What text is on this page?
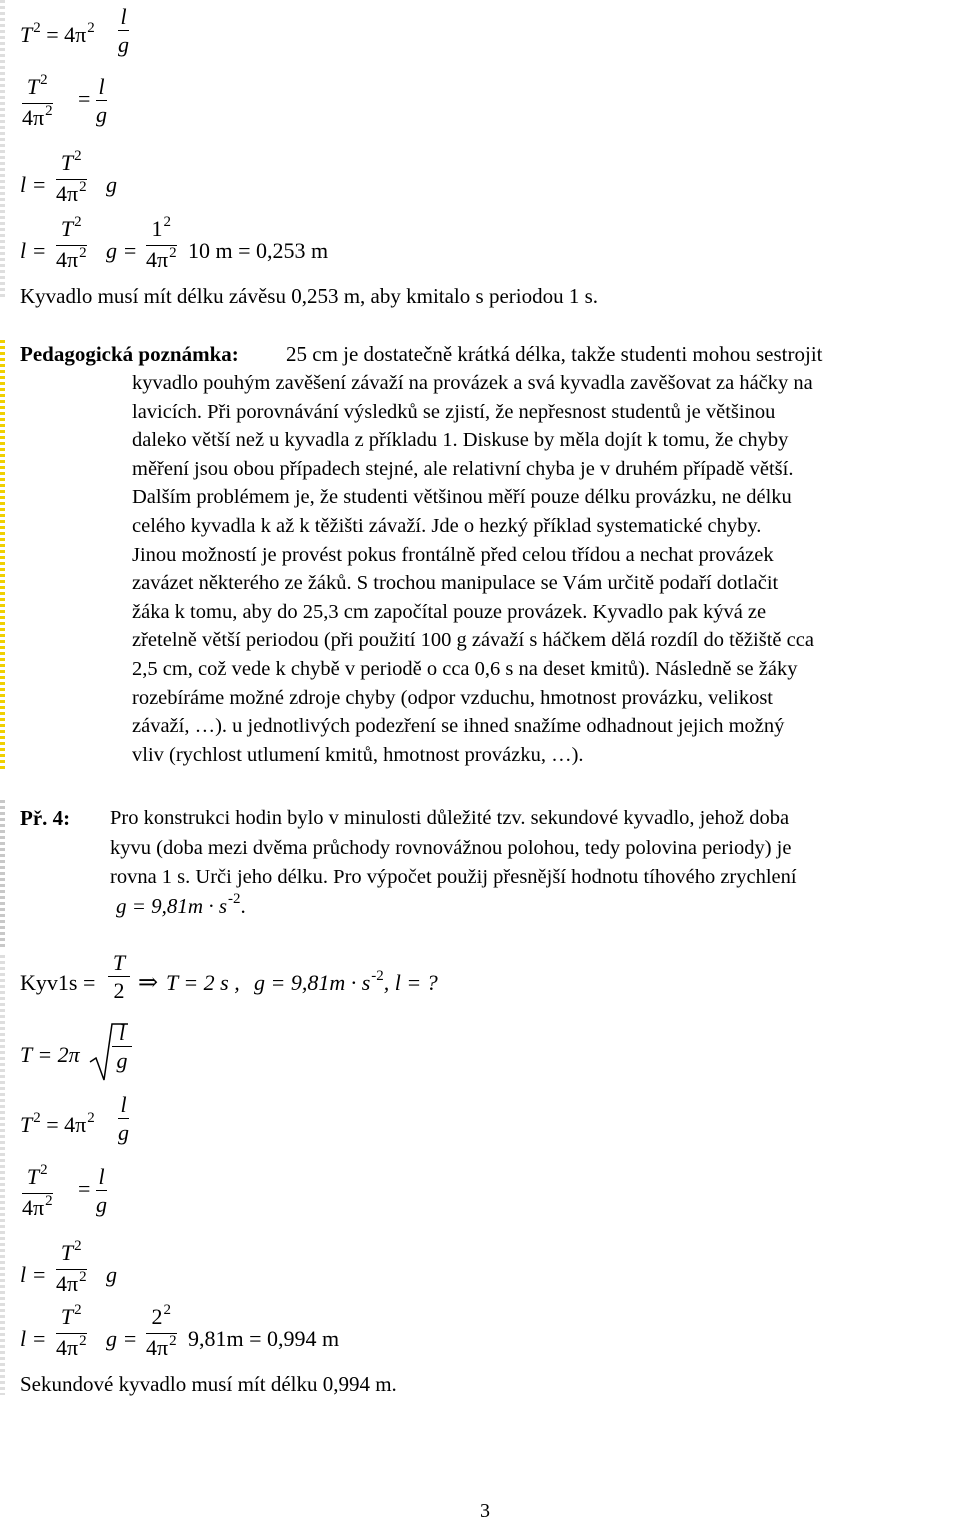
$T^2 = 4\pi^2 \frac{l}{g}$
$\frac{T^2}{4\pi^2} = \frac{l}{g}$
$l = \frac{T^2}{4\pi^2}$ g
$l = \frac{T^2}{4\pi^2}$ $g = \frac{1^2}{4\pi^2} 10$ m = 0,253 m
Kyvadlo musí mít délku závěsu 0,253 m, aby kmitalo s periodou 1 s.
Pedagogická poznámka: 25 cm je dostatečně krátká délka, takže studenti mohou sestrojit
kyvadlo pouhým zavěšení závaží na provázek a svá kyvadla zavěšovat za háčky na
lavicích. Při porovnávání výsledků se zjistí, že nepřesnost studentů je většinou
daleko větší než u kyvadla z příkladu 1. Diskuse by měla dojít k tomu, že chyby
měření jsou obou případech stejné, ale relativní chyba je v druhém případě větší.
Dalším problémem je, že studenti většinou měří pouze délku provázku, ne délku
celého kyvadla k až k těžišti závaží. Jde o hezký příklad systematické chyby.
Jinou možností je provést pokus frontálně před celou třídou a nechat provázek
zavázet některého ze žáků. S trochou manipulace se Vám určitě podaří dotlačit
žáka k tomu, aby do 25,3 cm započítal pouze provázek. Kyvadlo pak kývá ze
zřetelně větší periodou (při použití 100 g závaží s háčkem dělá rozdíl do těžiště cca
2,5 cm, což vede k chybě v periodě o cca 0,6 s na deset kmitů). Následně se žáky
rozebíráme možné zdroje chyby (odpor vzduchu, hmotnost provázku, velikost
závaží, …). u jednotlivých podezření se ihned snažíme odhadnout jejich možný
vliv (rychlost utlumení kmitů, hmotnost provázku, …).
Př. 4: Pro konstrukci hodin bylo v minulosti důležité tzv. sekundové kyvadlo, jehož doba
kyvu (doba mezi dvěma průchody rovnovážnou polohou, tedy polovina periody) je
rovna 1 s. Urči jeho délku. Pro výpočet použij přesnější hodnotu tíhového zrychlení
$g = 9,81m \cdot s^{-2}$.
$Kyv1s = \frac{T}{2}$ ⇒ T = 2 s , $g = 9,81m \cdot s^{-2}$, l = ?
$T = 2\pi \frac{l}{g}$
$T^2 = 4\pi^2 \frac{l}{g}$
$\frac{T^2}{4\pi^2} = \frac{l}{g}$
$l = \frac{T^2}{4\pi^2}$ g
$l = \frac{T^2}{4\pi^2}$ $g = \frac{2^2}{4\pi^2} 9,81m = 0,994$ m
Sekundové kyvadlo musí mít délku 0,994 m.
3
